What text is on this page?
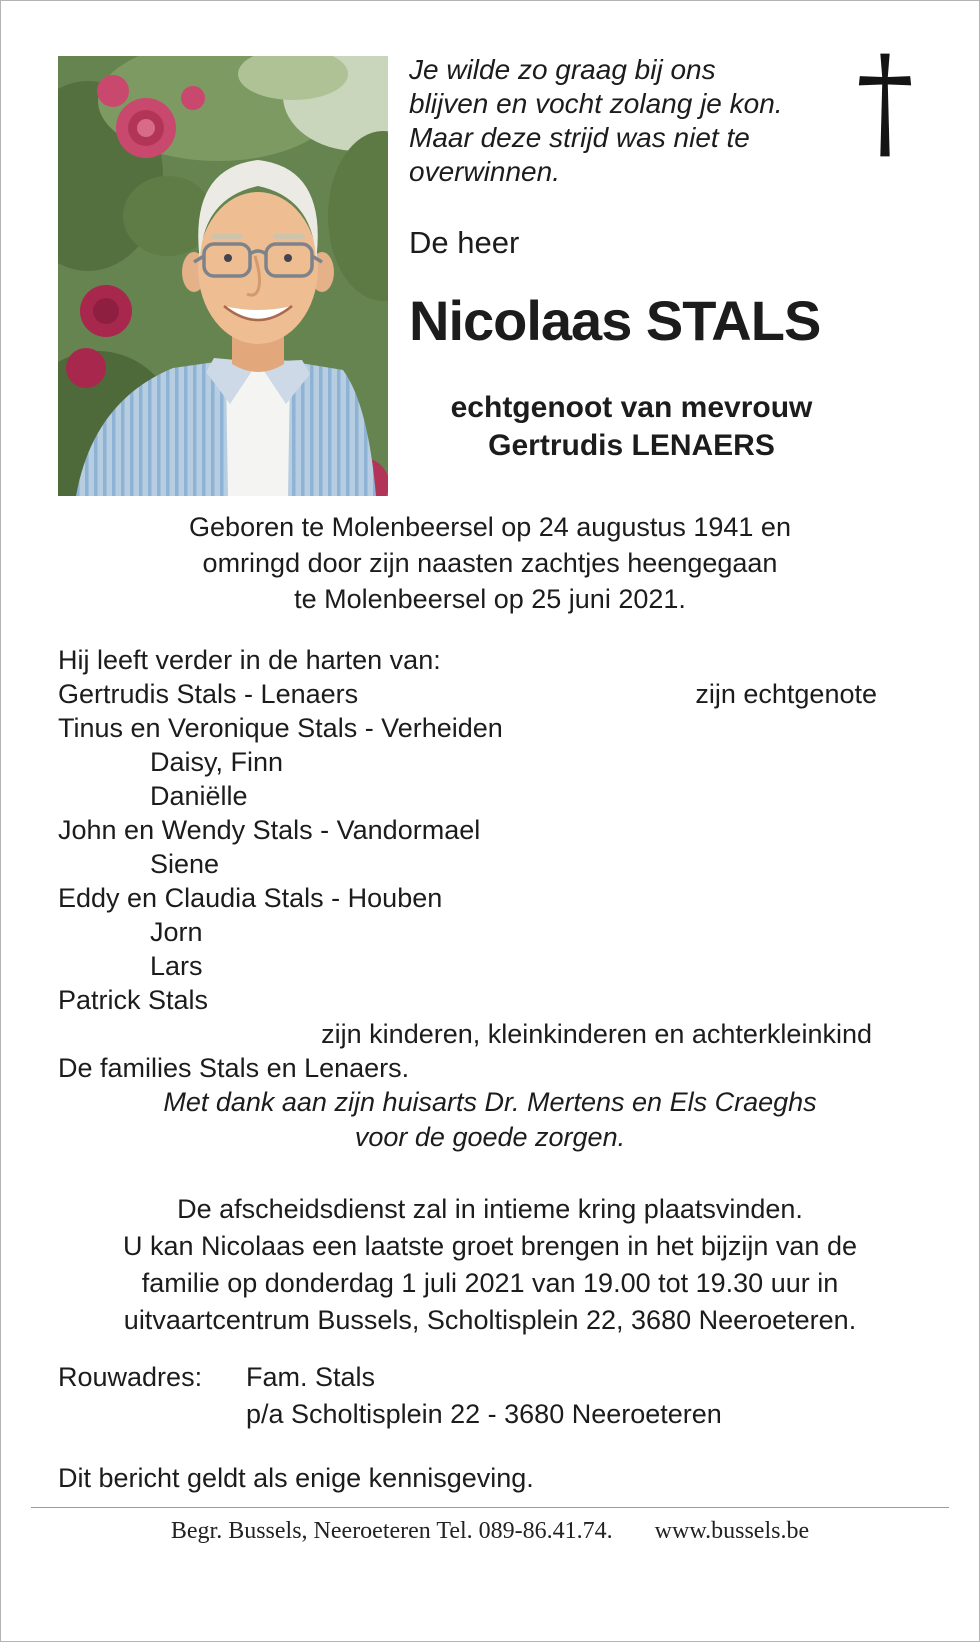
Je wilde zo graag bij ons
blijven en vocht zolang je kon.
Maar deze strijd was niet te
overwinnen.
De heer
Nicolaas STALS
echtgenoot van mevrouw
Gertrudis LENAERS
Geboren te Molenbeersel op 24 augustus 1941 en
omringd door zijn naasten zachtjes heengegaan
te Molenbeersel op 25 juni 2021.
Hij leeft verder in de harten van:
Gertrudis Stals - Lenaers	zijn echtgenote
Tinus en Veronique Stals - Verheiden
Daisy, Finn
Daniëlle
John en Wendy Stals - Vandormael
Siene
Eddy en Claudia Stals - Houben
Jorn
Lars
Patrick Stals
zijn kinderen, kleinkinderen en achterkleinkind
De families Stals en Lenaers.
Met dank aan zijn huisarts Dr. Mertens en Els Craeghs
voor de goede zorgen.
De afscheidsdienst zal in intieme kring plaatsvinden.
U kan Nicolaas een laatste groet brengen in het bijzijn van de
familie op donderdag 1 juli 2021 van 19.00 tot 19.30 uur in
uitvaartcentrum Bussels, Scholtisplein 22, 3680 Neeroeteren.
Rouwadres:	Fam. Stals
p/a Scholtisplein 22 - 3680 Neeroeteren
Dit bericht geldt als enige kennisgeving.
Begr. Bussels, Neeroeteren Tel. 089-86.41.74. www.bussels.be
